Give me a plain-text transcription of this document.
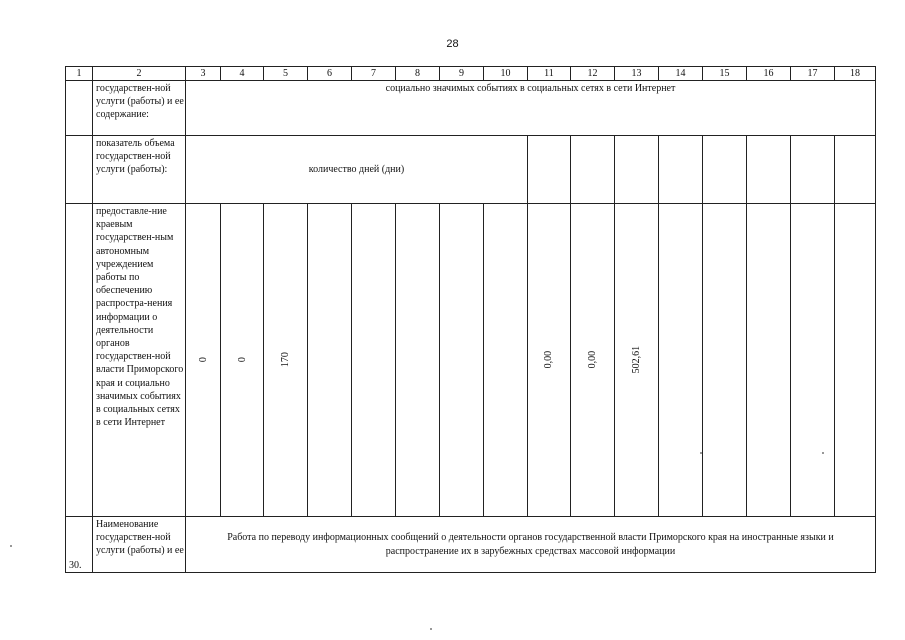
28
1	2	3	4	5	6	7	8	9	10	11	12	13	14	15	16	17	18
	государствен-ной услуги (работы) и ее содержание:	социально значимых событиях в социальных сетях в сети Интернет															
	показатель объема государствен-ной услуги (работы):	количество дней (дни)															
	предоставле-ние краевым государствен-ным автономным учреждением работы по обеспечению распростра-нения информации о деятельности органов государствен-ной власти Приморского края и социально значимых событиях в социальных сетях в сети Интернет	0	0	170						0,00	0,00	502,61					
30.	Наименование государствен-ной услуги (работы) и ее	Работа по переводу информационных сообщений о деятельности органов государственной власти Приморского края на иностранные языки и распространение их в зарубежных средствах массовой информации															
